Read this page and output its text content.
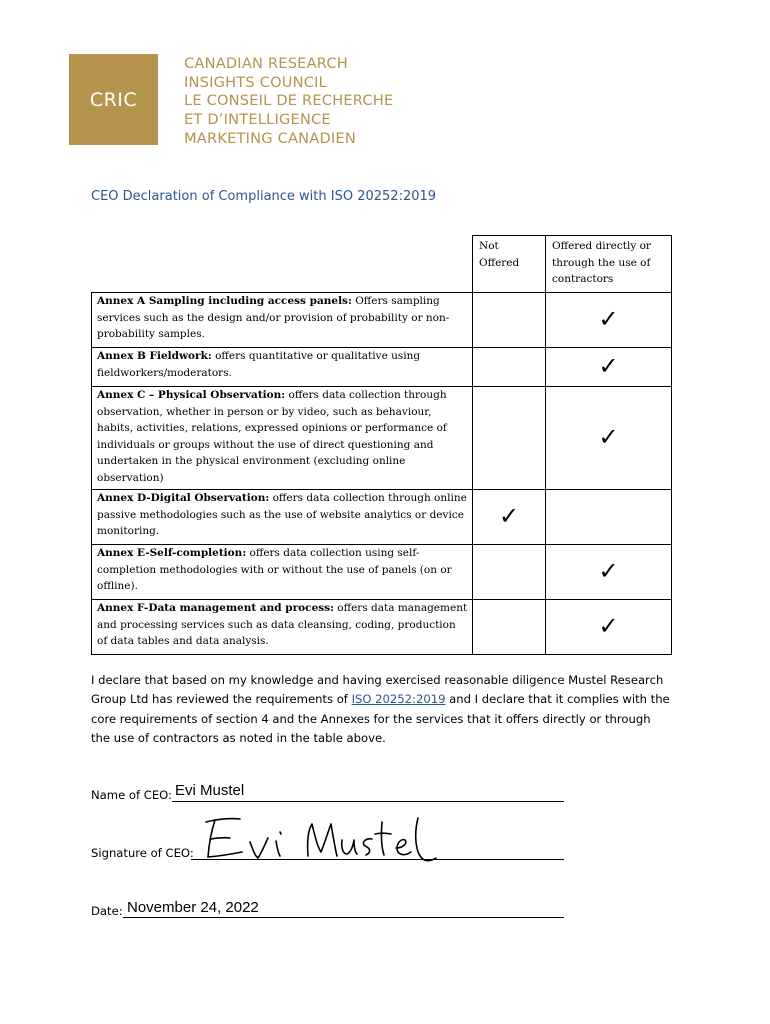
CRIC
CANADIAN RESEARCH
INSIGHTS COUNCIL
LE CONSEIL DE RECHERCHE
ET D’INTELLIGENCE
MARKETING CANADIEN
CEO Declaration of Compliance with ISO 20252:2019
	Not Offered	Offered directly or through the use of contractors
Annex A Sampling including access panels: Offers sampling services such as the design and/or provision of probability or non-probability samples.		✓
Annex B Fieldwork: offers quantitative or qualitative using fieldworkers/moderators.		✓
Annex C – Physical Observation: offers data collection through observation, whether in person or by video, such as behaviour, habits, activities, relations, expressed opinions or performance of individuals or groups without the use of direct questioning and undertaken in the physical environment (excluding online observation)		✓
Annex D-Digital Observation: offers data collection through online passive methodologies such as the use of website analytics or device monitoring.	✓	
Annex E-Self-completion: offers data collection using self-completion methodologies with or without the use of panels (on or offline).		✓
Annex F-Data management and process: offers data management and processing services such as data cleansing, coding, production of data tables and data analysis.		✓
I declare that based on my knowledge and having exercised reasonable diligence Mustel Research Group Ltd has reviewed the requirements of ISO 20252:2019 and I declare that it complies with the core requirements of section 4 and the Annexes for the services that it offers directly or through the use of contractors as noted in the table above.
Name of CEO: Evi Mustel
Signature of CEO:
Date: November 24, 2022
